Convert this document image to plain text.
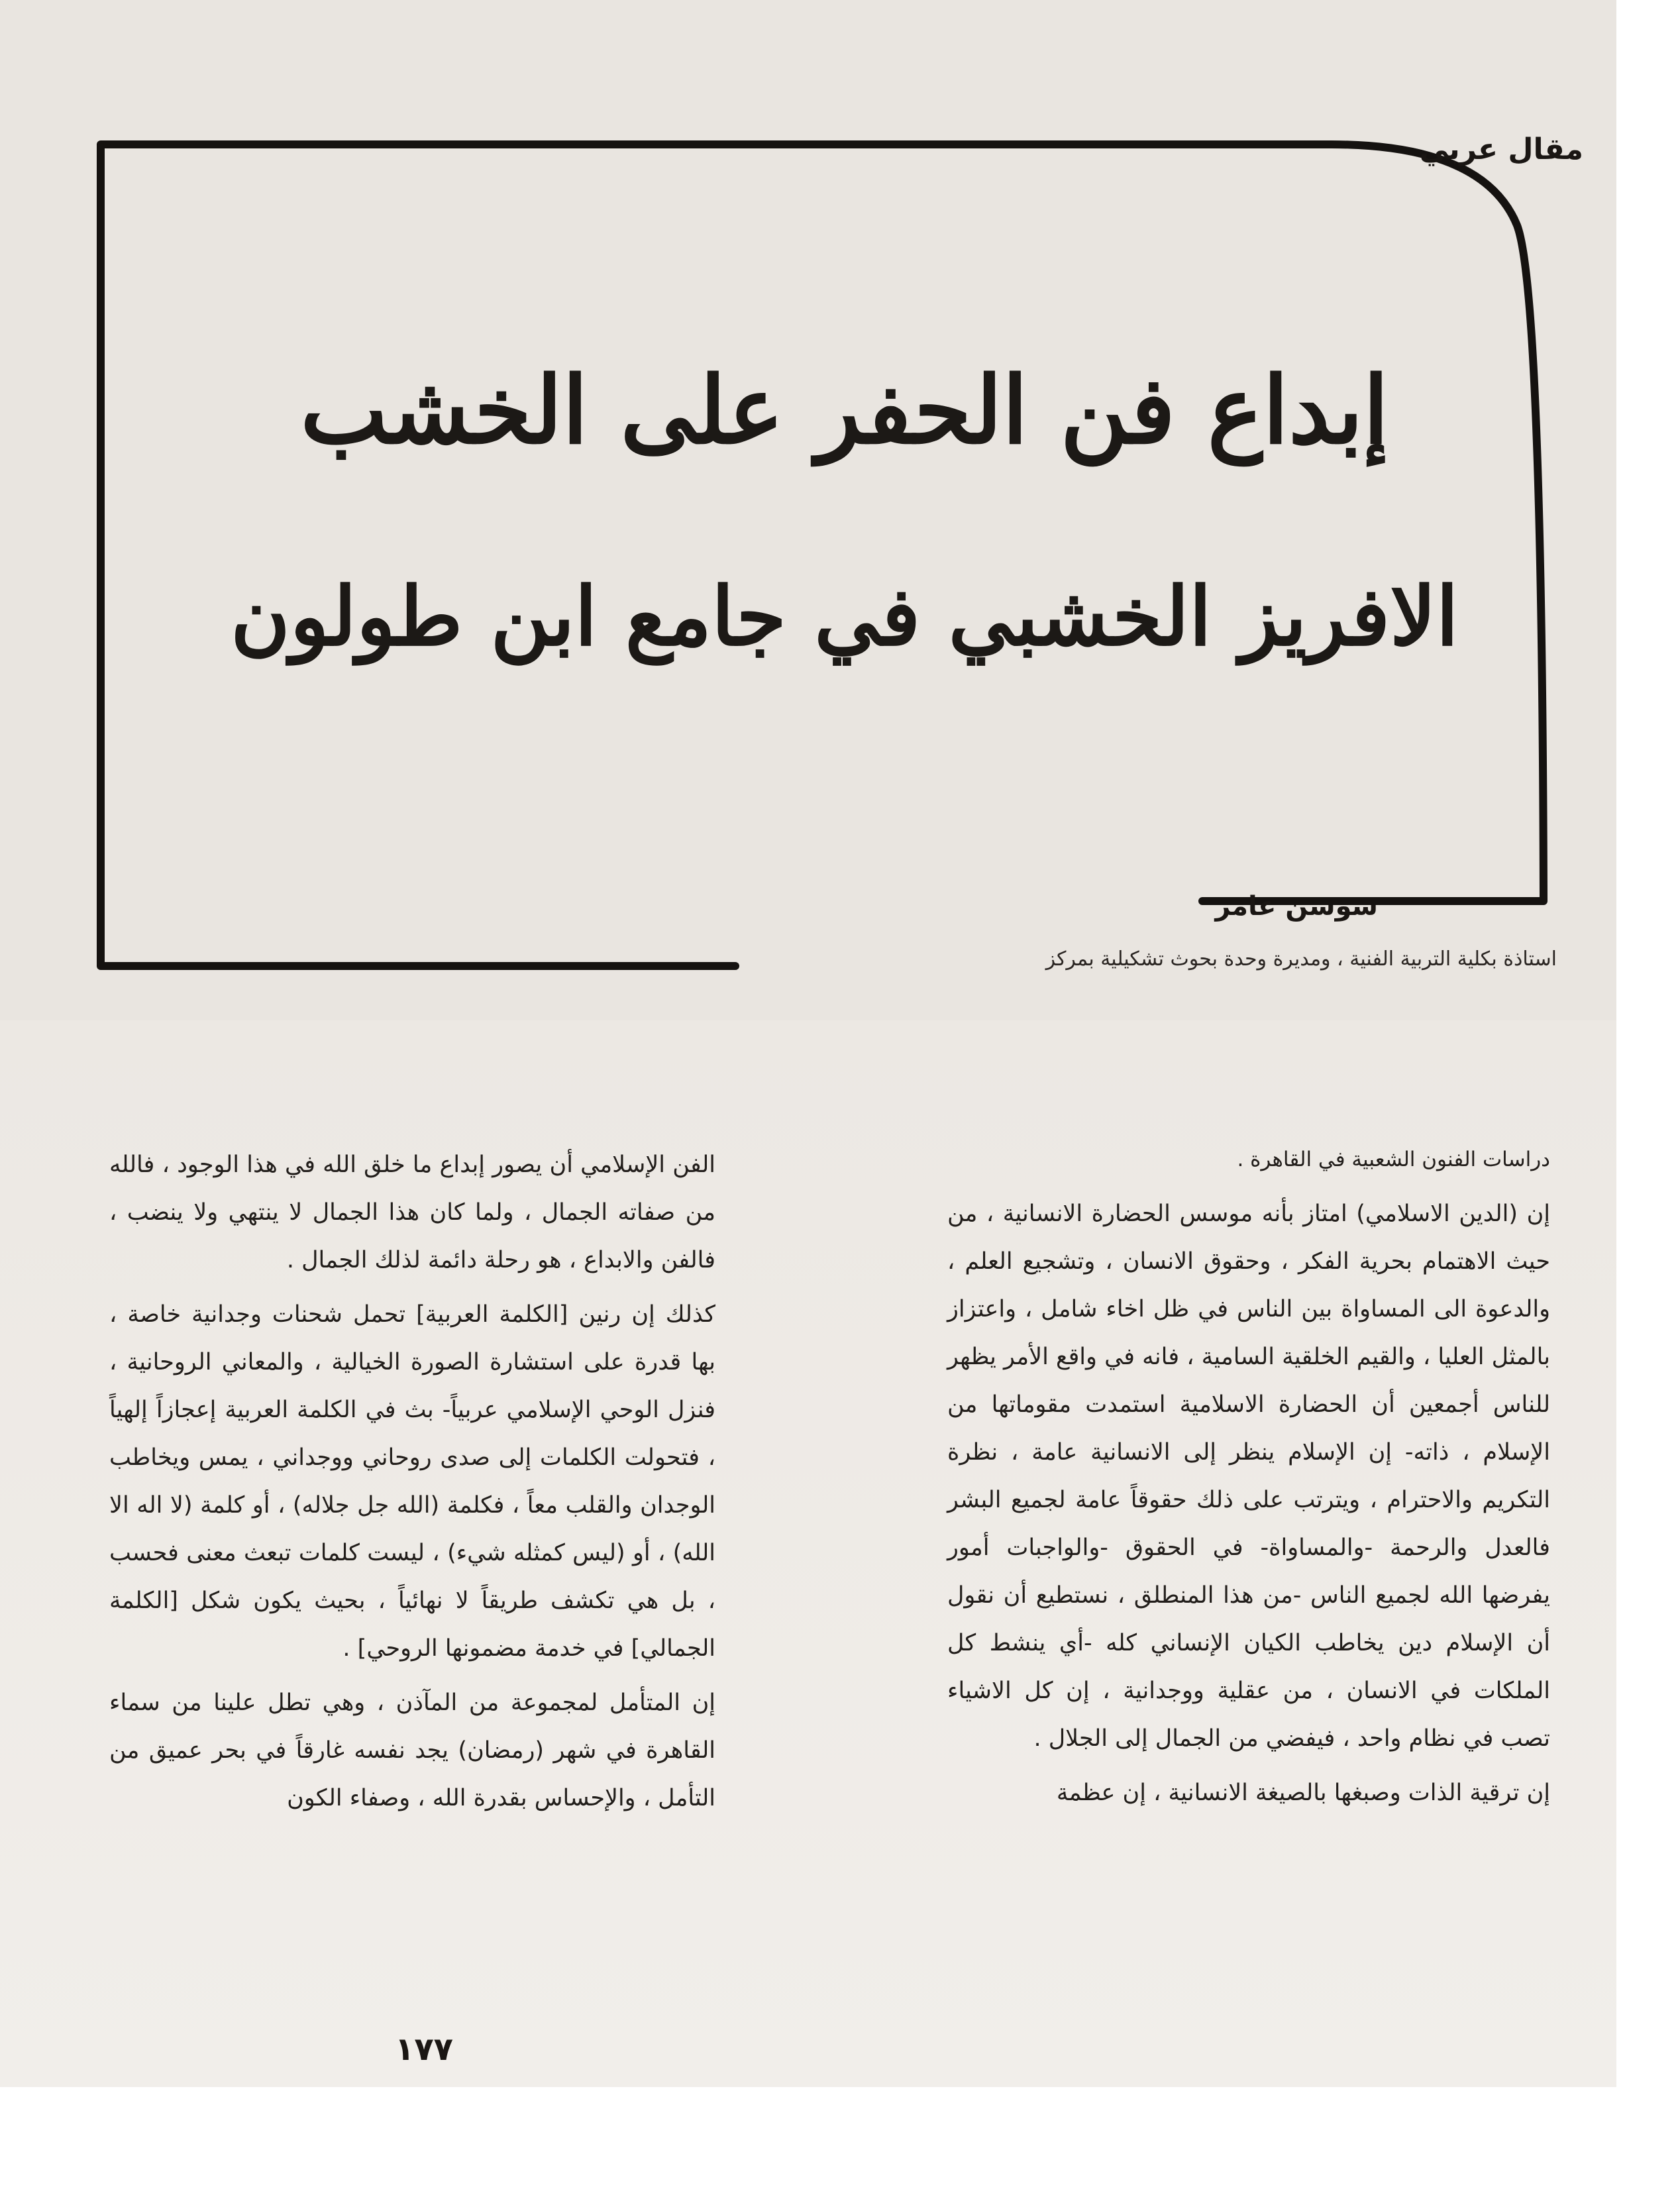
مقال عربي
إبداع فن الحفر على الخشب
الافريز الخشبي في جامع ابن طولون
سوسن عامر
استاذة بكلية التربية الفنية ، ومديرة وحدة بحوث تشكيلية بمركز

دراسات الفنون الشعبية في القاهرة .

إن (الدين الاسلامي) امتاز بأنه موسس الحضارة الانسانية ، من حيث الاهتمام بحرية الفكر ، وحقوق الانسان ، وتشجيع العلم ، والدعوة الى المساواة بين الناس في ظل اخاء شامل ، واعتزاز بالمثل العليا ، والقيم الخلقية السامية ، فانه في واقع الأمر يظهر للناس أجمعين أن الحضارة الاسلامية استمدت مقوماتها من الإسلام ، ذاته- إن الإسلام ينظر إلى الانسانية عامة ، نظرة التكريم والاحترام ، ويترتب على ذلك حقوقاً عامة لجميع البشر فالعدل والرحمة -والمساواة- في الحقوق -والواجبات أمور يفرضها الله لجميع الناس -من هذا المنطلق ، نستطيع أن نقول أن الإسلام دين يخاطب الكيان الإنساني كله -أي ينشط كل الملكات في الانسان ، من عقلية ووجدانية ، إن كل الاشياء تصب في نظام واحد ، فيفضي من الجمال إلى الجلال .

إن ترقية الذات وصبغها بالصيغة الانسانية ، إن عظمة

الفن الإسلامي أن يصور إبداع ما خلق الله في هذا الوجود ، فالله من صفاته الجمال ، ولما كان هذا الجمال لا ينتهي ولا ينضب ، فالفن والابداع ، هو رحلة دائمة لذلك الجمال .

كذلك إن رنين [الكلمة العربية] تحمل شحنات وجدانية خاصة ، بها قدرة على استشارة الصورة الخيالية ، والمعاني الروحانية ، فنزل الوحي الإسلامي عربياً- بث في الكلمة العربية إعجازاً إلهياً ، فتحولت الكلمات إلى صدى روحاني ووجداني ، يمس ويخاطب الوجدان والقلب معاً ، فكلمة (الله جل جلاله) ، أو كلمة (لا اله الا الله) ، أو (ليس كمثله شيء) ، ليست كلمات تبعث معنى فحسب ، بل هي تكشف طريقاً لا نهائياً ، بحيث يكون شكل [الكلمة الجمالي] في خدمة مضمونها الروحي] .

إن المتأمل لمجموعة من المآذن ، وهي تطل علينا من سماء القاهرة في شهر (رمضان) يجد نفسه غارقاً في بحر عميق من التأمل ، والإحساس بقدرة الله ، وصفاء الكون

١٧٧
